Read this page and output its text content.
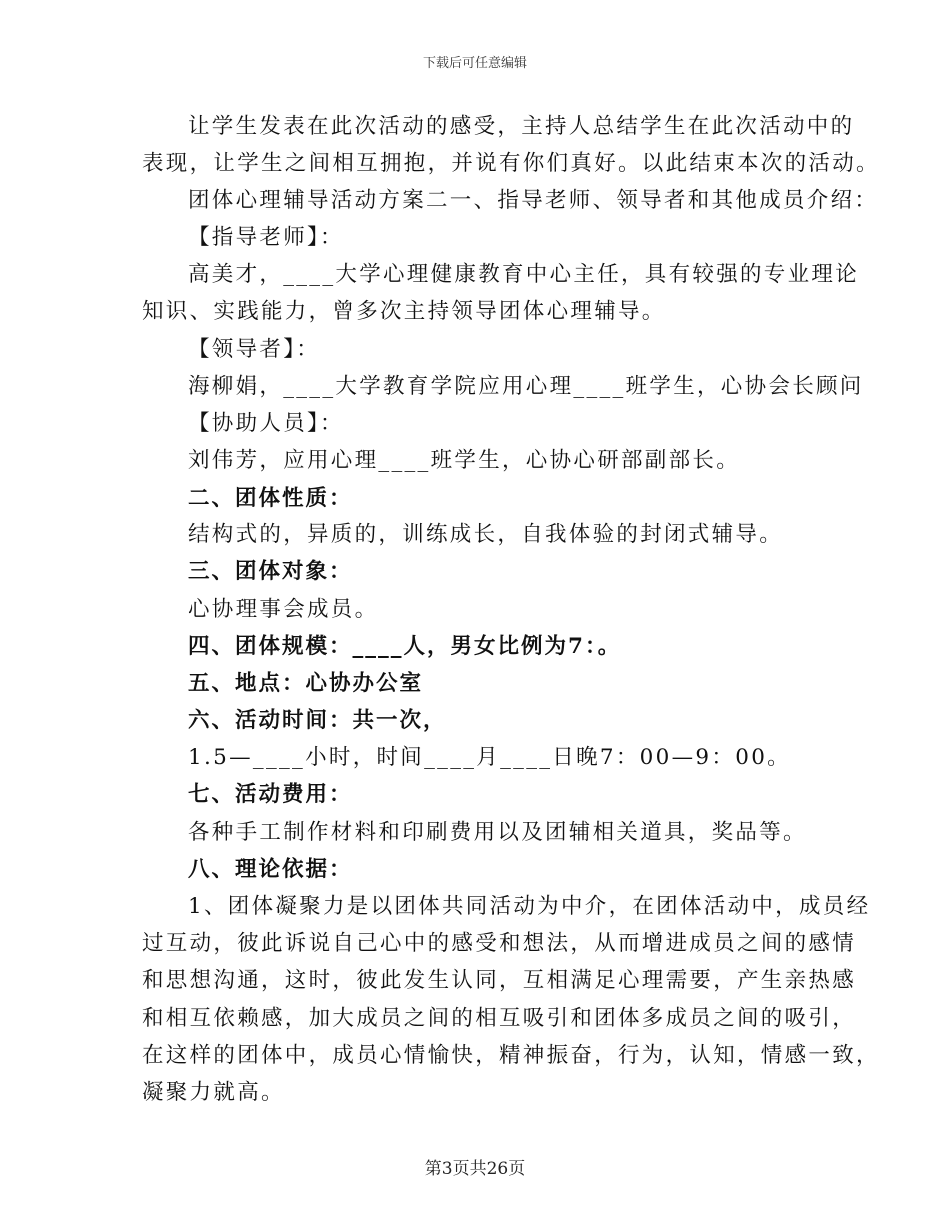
下载后可任意编辑
让学生发表在此次活动的感受，主持人总结学生在此次活动中的
表现，让学生之间相互拥抱，并说有你们真好。以此结束本次的活动。
团体心理辅导活动方案二一、指导老师、领导者和其他成员介绍：
【指导老师】：
高美才，____大学心理健康教育中心主任，具有较强的专业理论
知识、实践能力，曾多次主持领导团体心理辅导。
【领导者】：
海柳娟，____大学教育学院应用心理____班学生，心协会长顾问
【协助人员】：
刘伟芳，应用心理____班学生，心协心研部副部长。
二、团体性质：
结构式的，异质的，训练成长，自我体验的封闭式辅导。
三、团体对象：
心协理事会成员。
四、团体规模：____人，男女比例为7：。
五、地点：心协办公室
六、活动时间：共一次，
1.5—____小时，时间____月____日晚7：00—9：00。
七、活动费用：
各种手工制作材料和印刷费用以及团辅相关道具，奖品等。
八、理论依据：
1、团体凝聚力是以团体共同活动为中介，在团体活动中，成员经
过互动，彼此诉说自己心中的感受和想法，从而增进成员之间的感情
和思想沟通，这时，彼此发生认同，互相满足心理需要，产生亲热感
和相互依赖感，加大成员之间的相互吸引和团体多成员之间的吸引，
在这样的团体中，成员心情愉快，精神振奋，行为，认知，情感一致，
凝聚力就高。
第3页共26页
